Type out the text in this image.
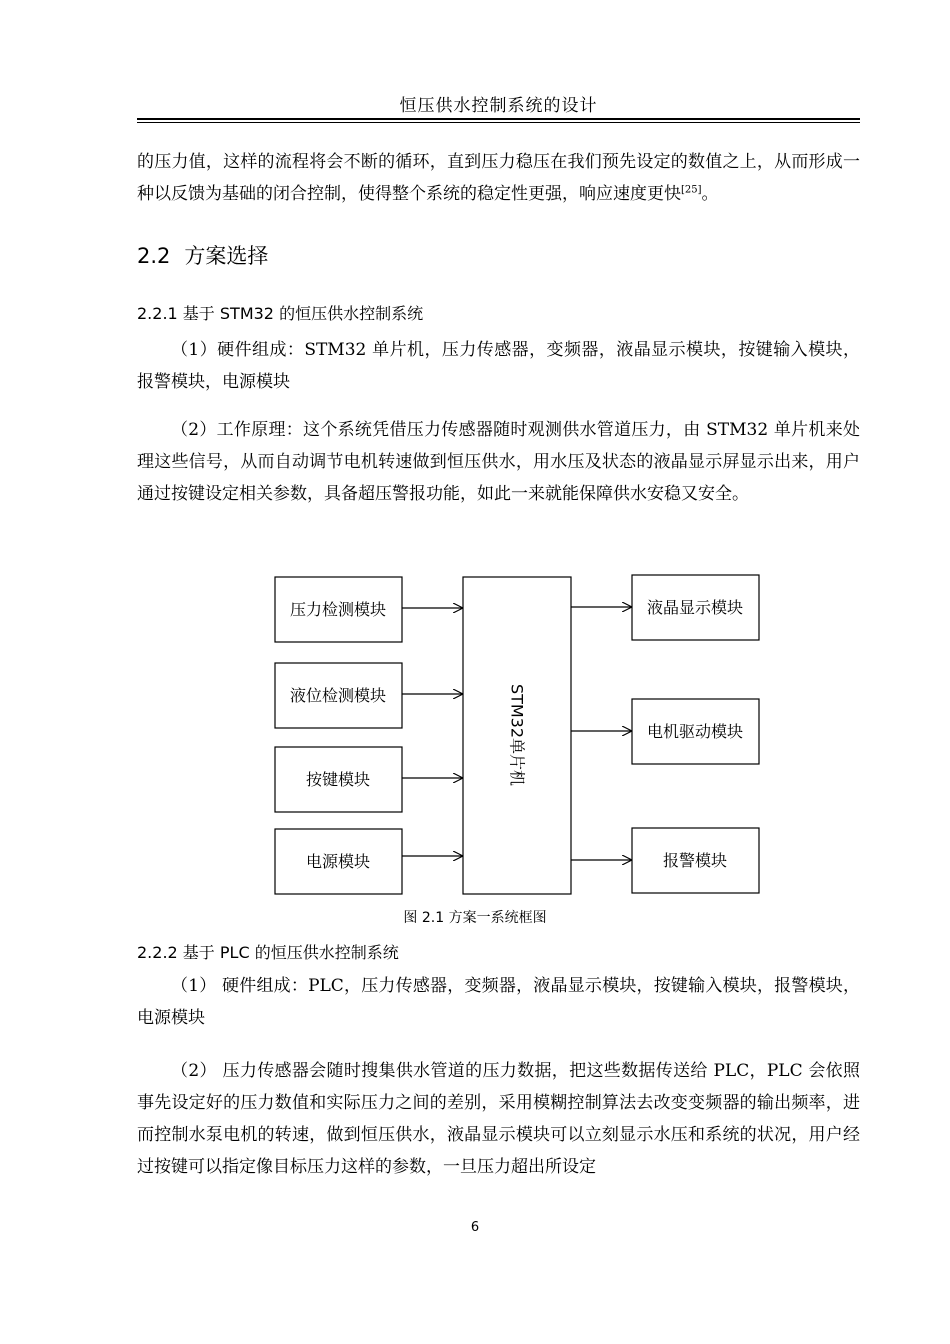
恒压供水控制系统的设计

的压力值，这样的流程将会不断的循环，直到压力稳压在我们预先设定的数值之上，从而形成一种以反馈为基础的闭合控制，使得整个系统的稳定性更强，响应速度更快[25]。

2.2 方案选择
2.2.1 基于 STM32 的恒压供水控制系统

（1）硬件组成：STM32 单片机，压力传感器，变频器，液晶显示模块，按键输入模块，报警模块，电源模块

（2）工作原理：这个系统凭借压力传感器随时观测供水管道压力，由 STM32 单片机来处理这些信号，从而自动调节电机转速做到恒压供水，用水压及状态的液晶显示屏显示出来，用户通过按键设定相关参数，具备超压警报功能，如此一来就能保障供水安稳又安全。

压力检测模块
液位检测模块
按键模块
电源模块
STM32单片机
液晶显示模块
电机驱动模块
报警模块
图 2.1 方案一系统框图
2.2.2 基于 PLC 的恒压供水控制系统

（1） 硬件组成：PLC，压力传感器，变频器，液晶显示模块，按键输入模块，报警模块，电源模块

（2） 压力传感器会随时搜集供水管道的压力数据，把这些数据传送给 PLC，PLC 会依照事先设定好的压力数值和实际压力之间的差别，采用模糊控制算法去改变变频器的输出频率，进而控制水泵电机的转速，做到恒压供水，液晶显示模块可以立刻显示水压和系统的状况，用户经过按键可以指定像目标压力这样的参数，一旦压力超出所设定

6
